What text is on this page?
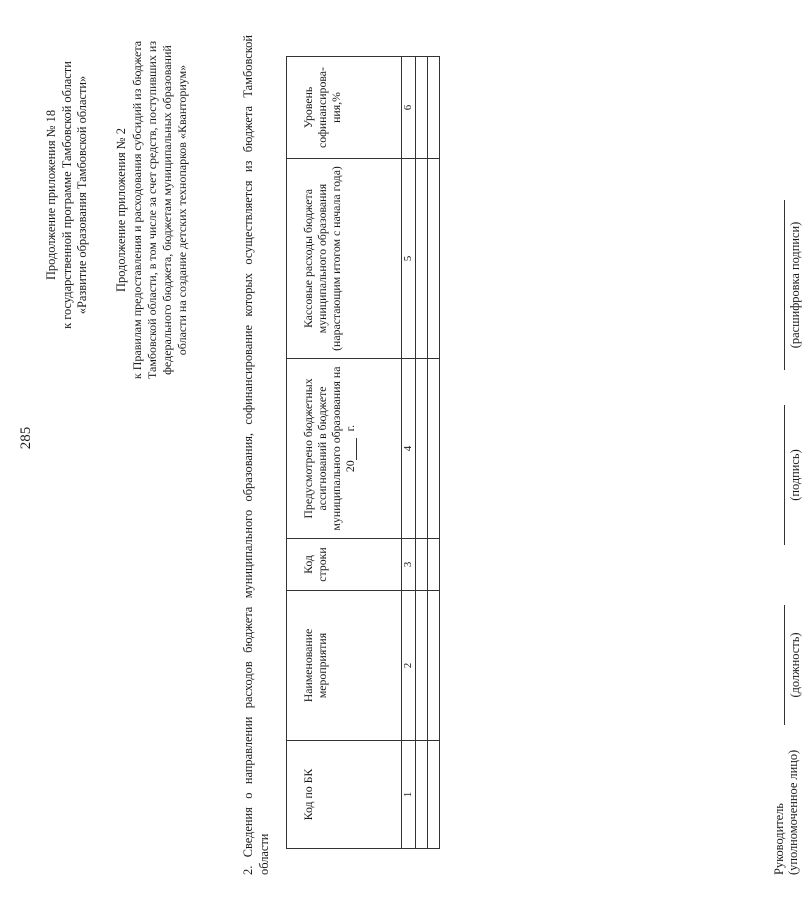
285
Продолжение приложения № 18 к государственной программе Тамбовской области «Развитие образования Тамбовской области» Продолжение приложения № 2 к Правилам предоставления и расходования субсидий из бюджета Тамбовской области, в том числе за счет средств, поступивших из федерального бюджета, бюджетам муниципальных образований области на создание детских технопарков «Кванториум»	2. Сведения о направлении расходов бюджета муниципального образования, софинансирование которых осуществляется из бюджета Тамбовской области
Код по БК	Наименование мероприятия	Код строки	Предусмотрено бюджетных ассигнований в бюджете муниципального образования на 20г.	Кассовые расходы бюджета муниципального образования (нарастающим итогом с начала года)	Уровень софинансирова-ния,%
1	2	3	4	5	6

Руководитель (уполномоченное лицо)
(должность)
(подпись)
(расшифровка подписи)
